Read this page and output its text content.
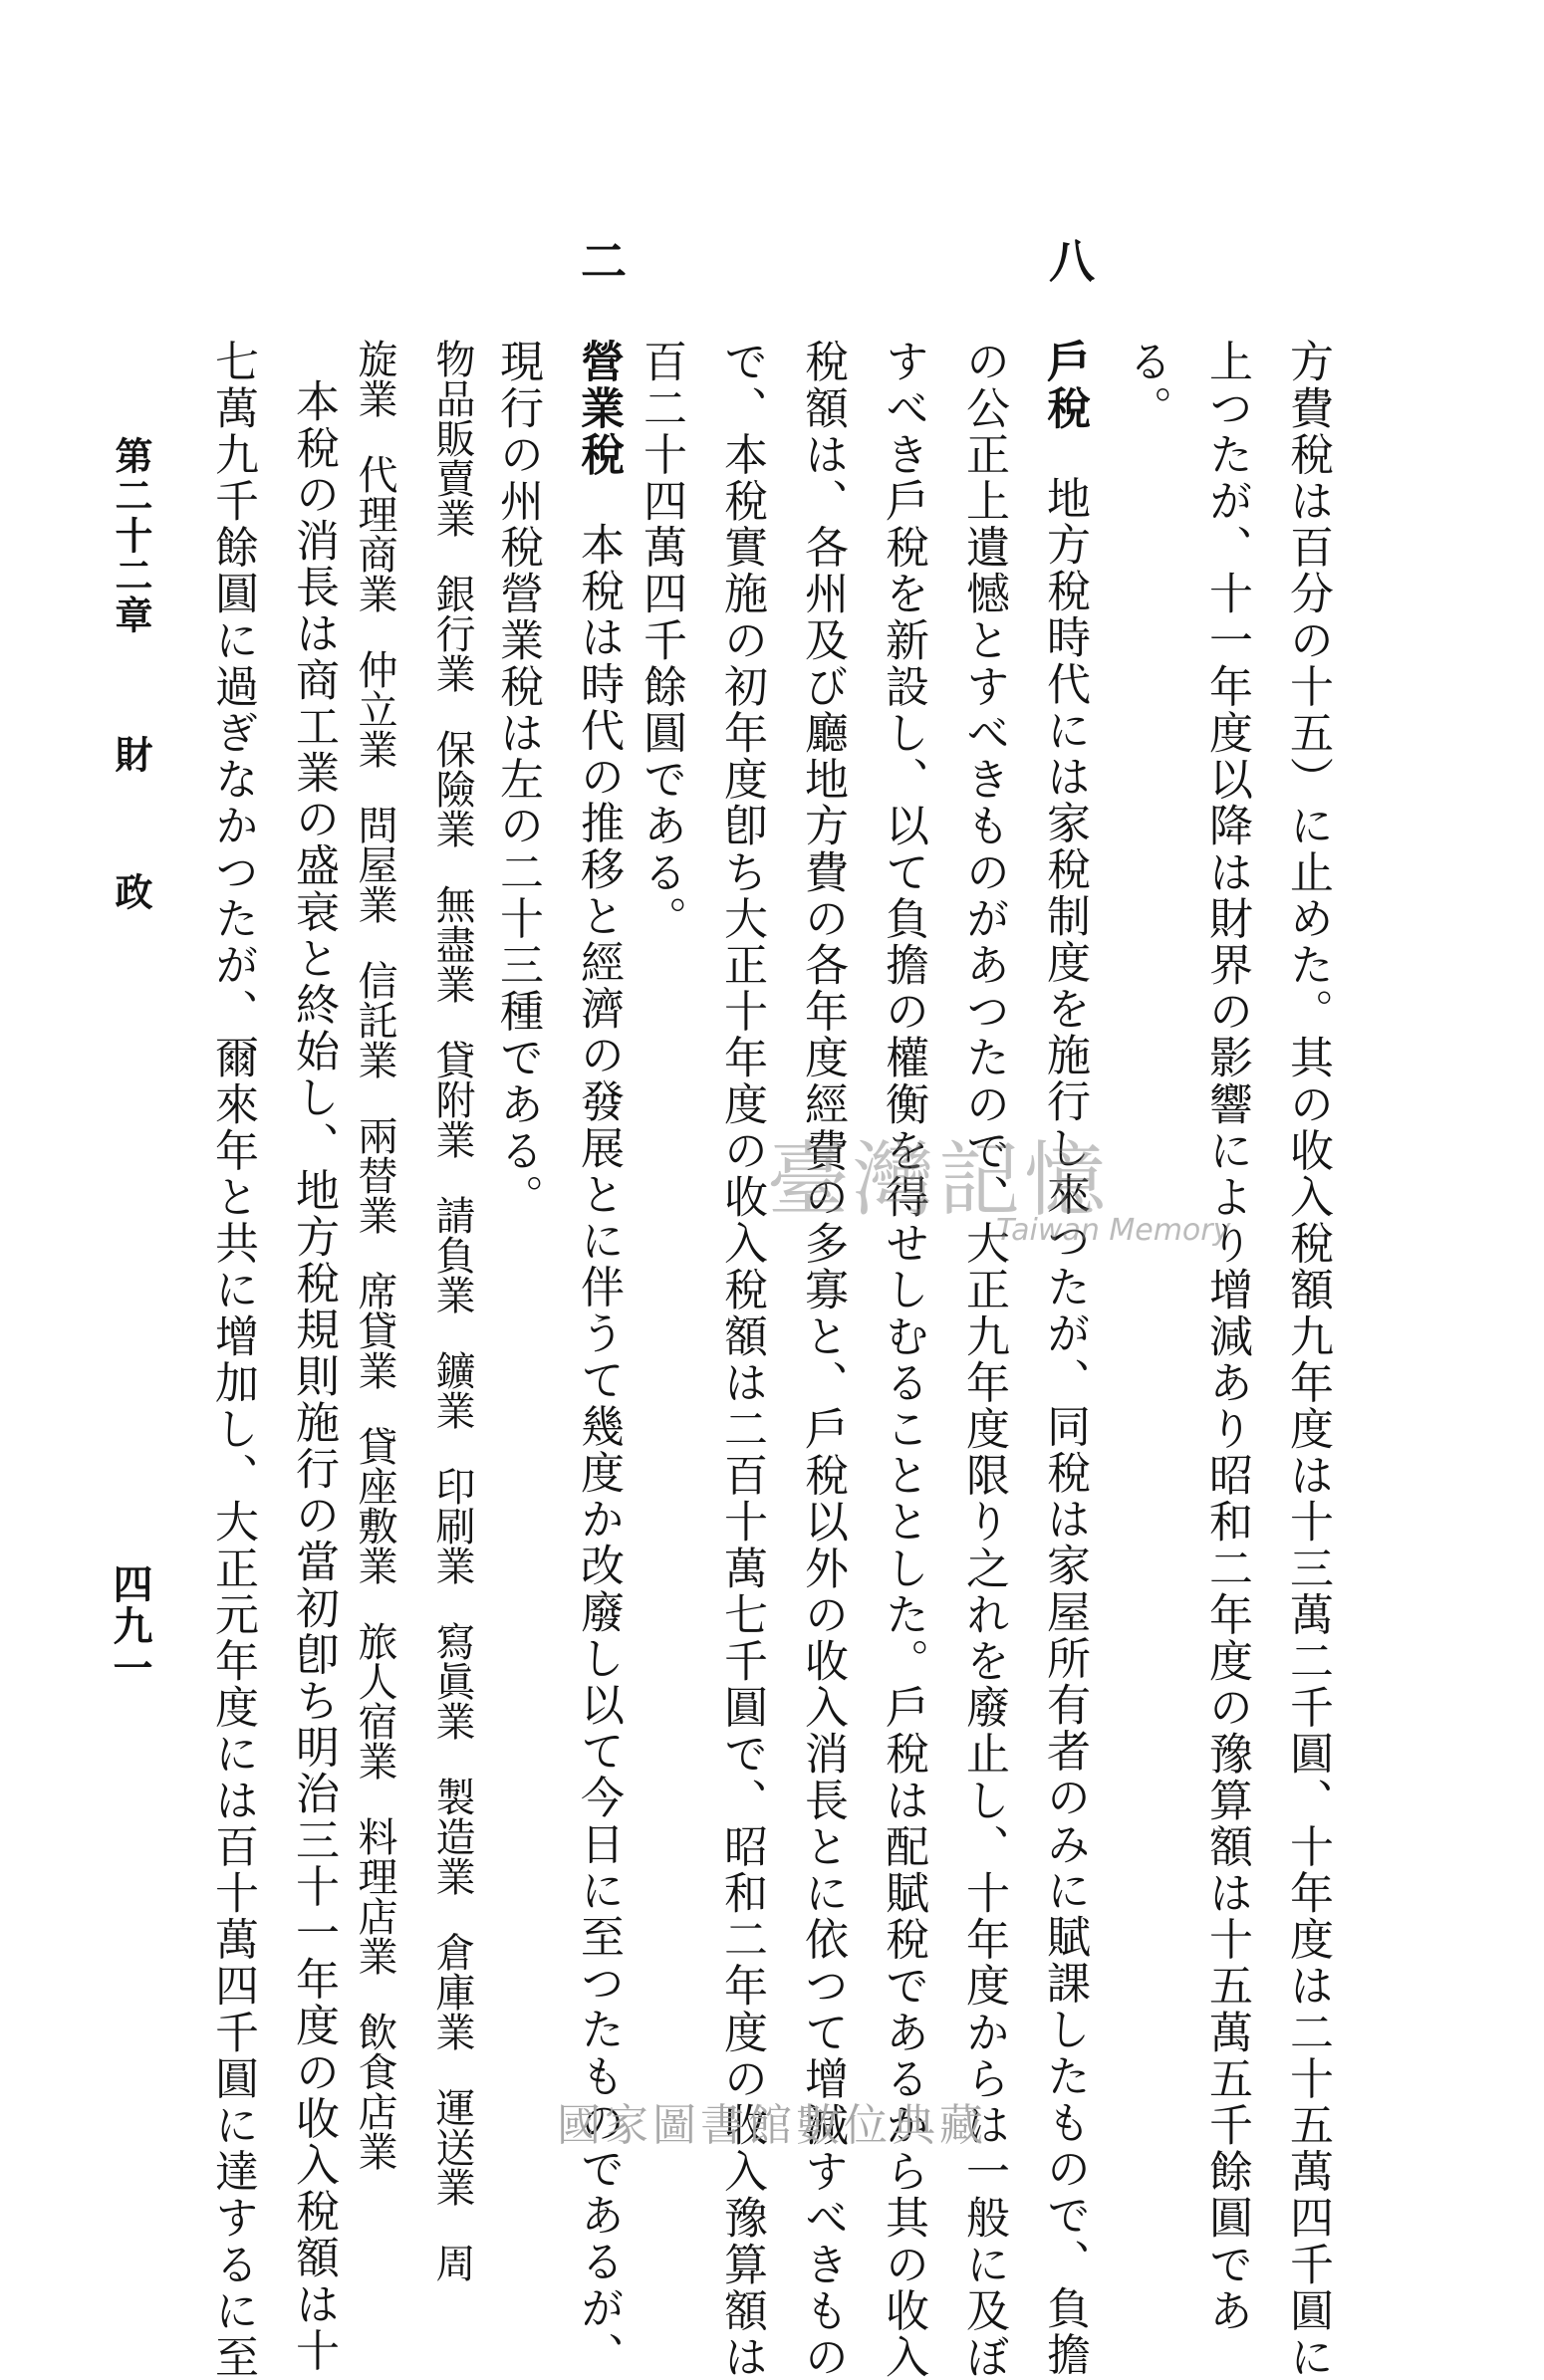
方費稅は百分の十五）に止めた。其の收入稅額九年度は十三萬二千圓、十年度は二十五萬四千圓に
上つたが、十一年度以降は財界の影響により增減あり昭和二年度の豫算額は十五萬五千餘圓であ
る。
八
戶稅地方稅時代には家稅制度を施行し來つたが、同稅は家屋所有者のみに賦課したもので、負擔
の公正上遺憾とすべきものがあつたので、大正九年度限り之れを廢止し、十年度からは一般に及ぼ
すべき戶稅を新設し、以て負擔の權衡を得せしむることとした。戶稅は配賦稅であるから其の收入
稅額は、各州及び廳地方費の各年度經費の多寡と、戶稅以外の收入消長とに依つて增減すべきもの
で、本稅實施の初年度卽ち大正十年度の收入稅額は二百十萬七千圓で、昭和二年度の收入豫算額は
百二十四萬四千餘圓である。
二
營業稅本稅は時代の推移と經濟の發展とに伴うて幾度か改廢し以て今日に至つたものであるが、
現行の州稅營業稅は左の二十三種である。
物品販賣業銀行業保險業無盡業貸附業請負業鑛業印刷業寫眞業製造業倉庫業運送業周
旋業代理商業仲立業問屋業信託業兩替業席貸業貸座敷業旅人宿業料理店業飲食店業
本稅の消長は商工業の盛衰と終始し、地方稅規則施行の當初卽ち明治三十一年度の收入稅額は十
七萬九千餘圓に過ぎなかつたが、爾來年と共に增加し、大正元年度には百十萬四千圓に達するに至
第二十二章財政
四九一
臺灣記憶
Taiwan Memory
國家圖書館數位典藏
